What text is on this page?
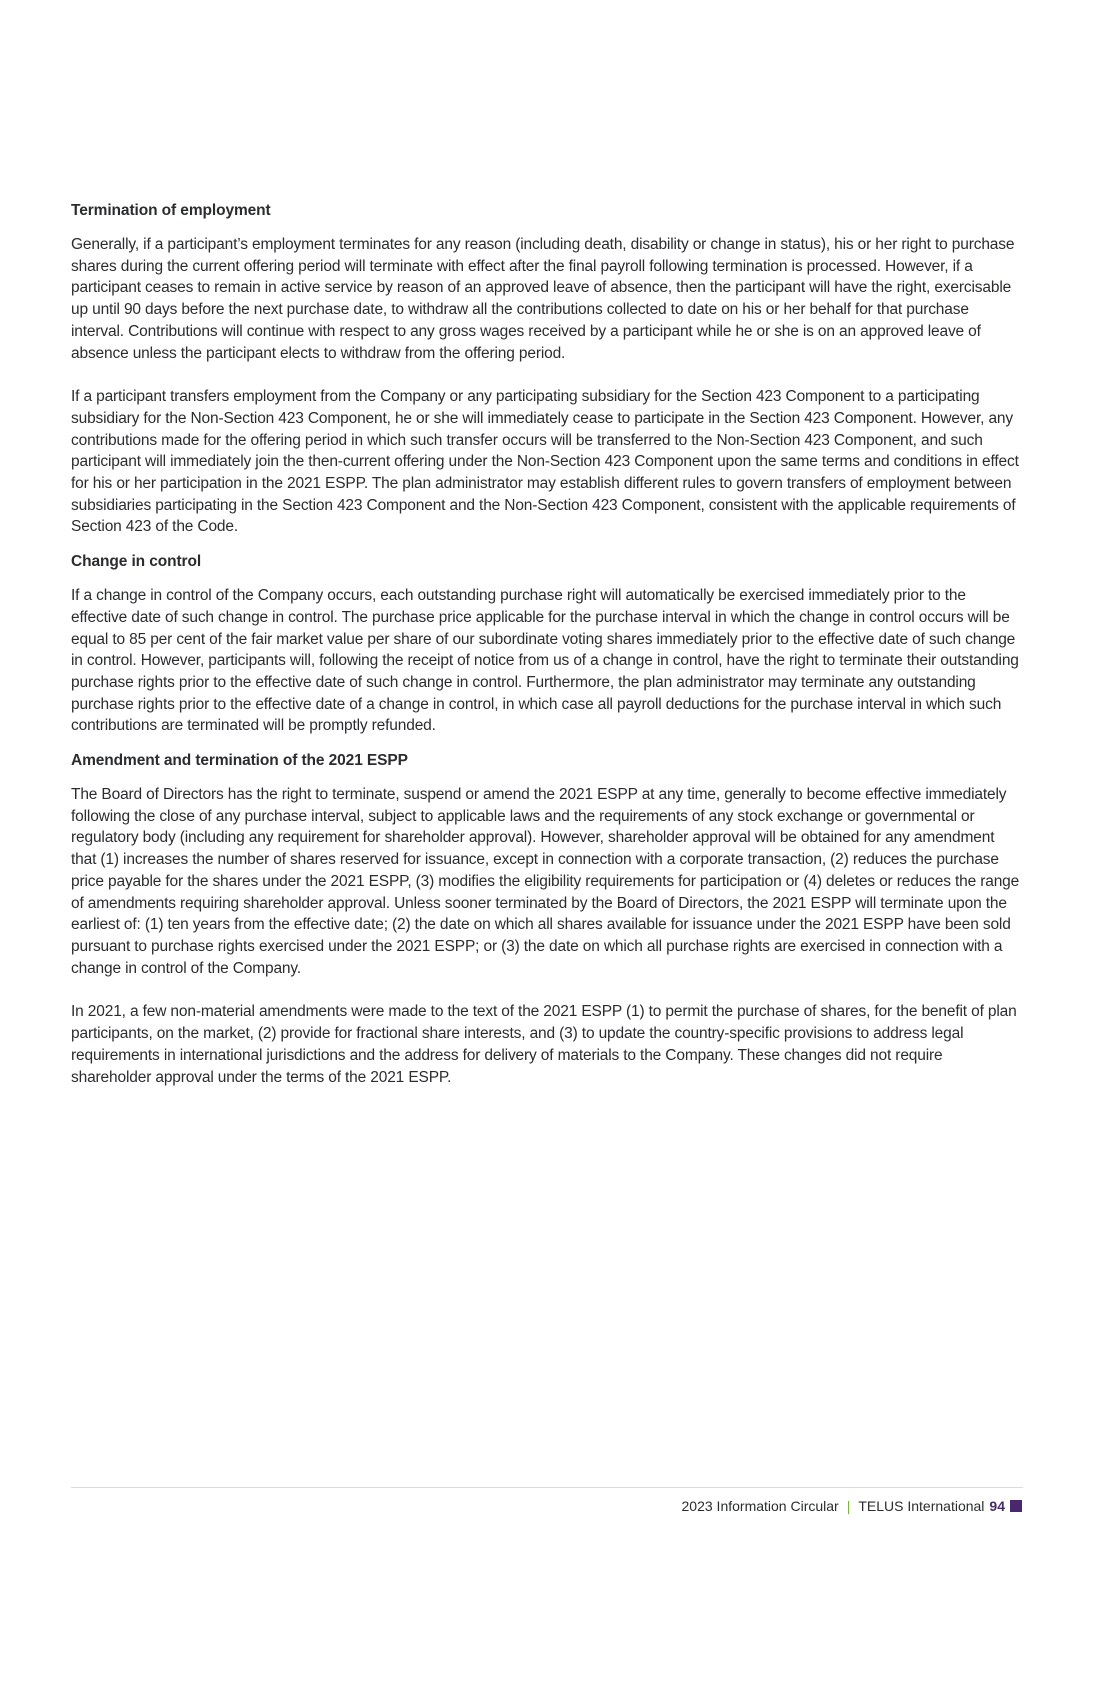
Termination of employment

Generally, if a participant’s employment terminates for any reason (including death, disability or change in status), his or her right to purchase shares during the current offering period will terminate with effect after the final payroll following termination is processed. However, if a participant ceases to remain in active service by reason of an approved leave of absence, then the participant will have the right, exercisable up until 90 days before the next purchase date, to withdraw all the contributions collected to date on his or her behalf for that purchase interval. Contributions will continue with respect to any gross wages received by a participant while he or she is on an approved leave of absence unless the participant elects to withdraw from the offering period.

If a participant transfers employment from the Company or any participating subsidiary for the Section 423 Component to a participating subsidiary for the Non-Section 423 Component, he or she will immediately cease to participate in the Section 423 Component. However, any contributions made for the offering period in which such transfer occurs will be transferred to the Non-Section 423 Component, and such participant will immediately join the then-current offering under the Non-Section 423 Component upon the same terms and conditions in effect for his or her participation in the 2021 ESPP. The plan administrator may establish different rules to govern transfers of employment between subsidiaries participating in the Section 423 Component and the Non-Section 423 Component, consistent with the applicable requirements of Section 423 of the Code.

Change in control

If a change in control of the Company occurs, each outstanding purchase right will automatically be exercised immediately prior to the effective date of such change in control. The purchase price applicable for the purchase interval in which the change in control occurs will be equal to 85 per cent of the fair market value per share of our subordinate voting shares immediately prior to the effective date of such change in control. However, participants will, following the receipt of notice from us of a change in control, have the right to terminate their outstanding purchase rights prior to the effective date of such change in control. Furthermore, the plan administrator may terminate any outstanding purchase rights prior to the effective date of a change in control, in which case all payroll deductions for the purchase interval in which such contributions are terminated will be promptly refunded.

Amendment and termination of the 2021 ESPP

The Board of Directors has the right to terminate, suspend or amend the 2021 ESPP at any time, generally to become effective immediately following the close of any purchase interval, subject to applicable laws and the requirements of any stock exchange or governmental or regulatory body (including any requirement for shareholder approval). However, shareholder approval will be obtained for any amendment that (1) increases the number of shares reserved for issuance, except in connection with a corporate transaction, (2) reduces the purchase price payable for the shares under the 2021 ESPP, (3) modifies the eligibility requirements for participation or (4) deletes or reduces the range of amendments requiring shareholder approval. Unless sooner terminated by the Board of Directors, the 2021 ESPP will terminate upon the earliest of: (1) ten years from the effective date; (2) the date on which all shares available for issuance under the 2021 ESPP have been sold pursuant to purchase rights exercised under the 2021 ESPP; or (3) the date on which all purchase rights are exercised in connection with a change in control of the Company.

In 2021, a few non-material amendments were made to the text of the 2021 ESPP (1) to permit the purchase of shares, for the benefit of plan participants, on the market, (2) provide for fractional share interests, and (3) to update the country-specific provisions to address legal requirements in international jurisdictions and the address for delivery of materials to the Company. These changes did not require shareholder approval under the terms of the 2021 ESPP.

2023 Information Circular | TELUS International 94
